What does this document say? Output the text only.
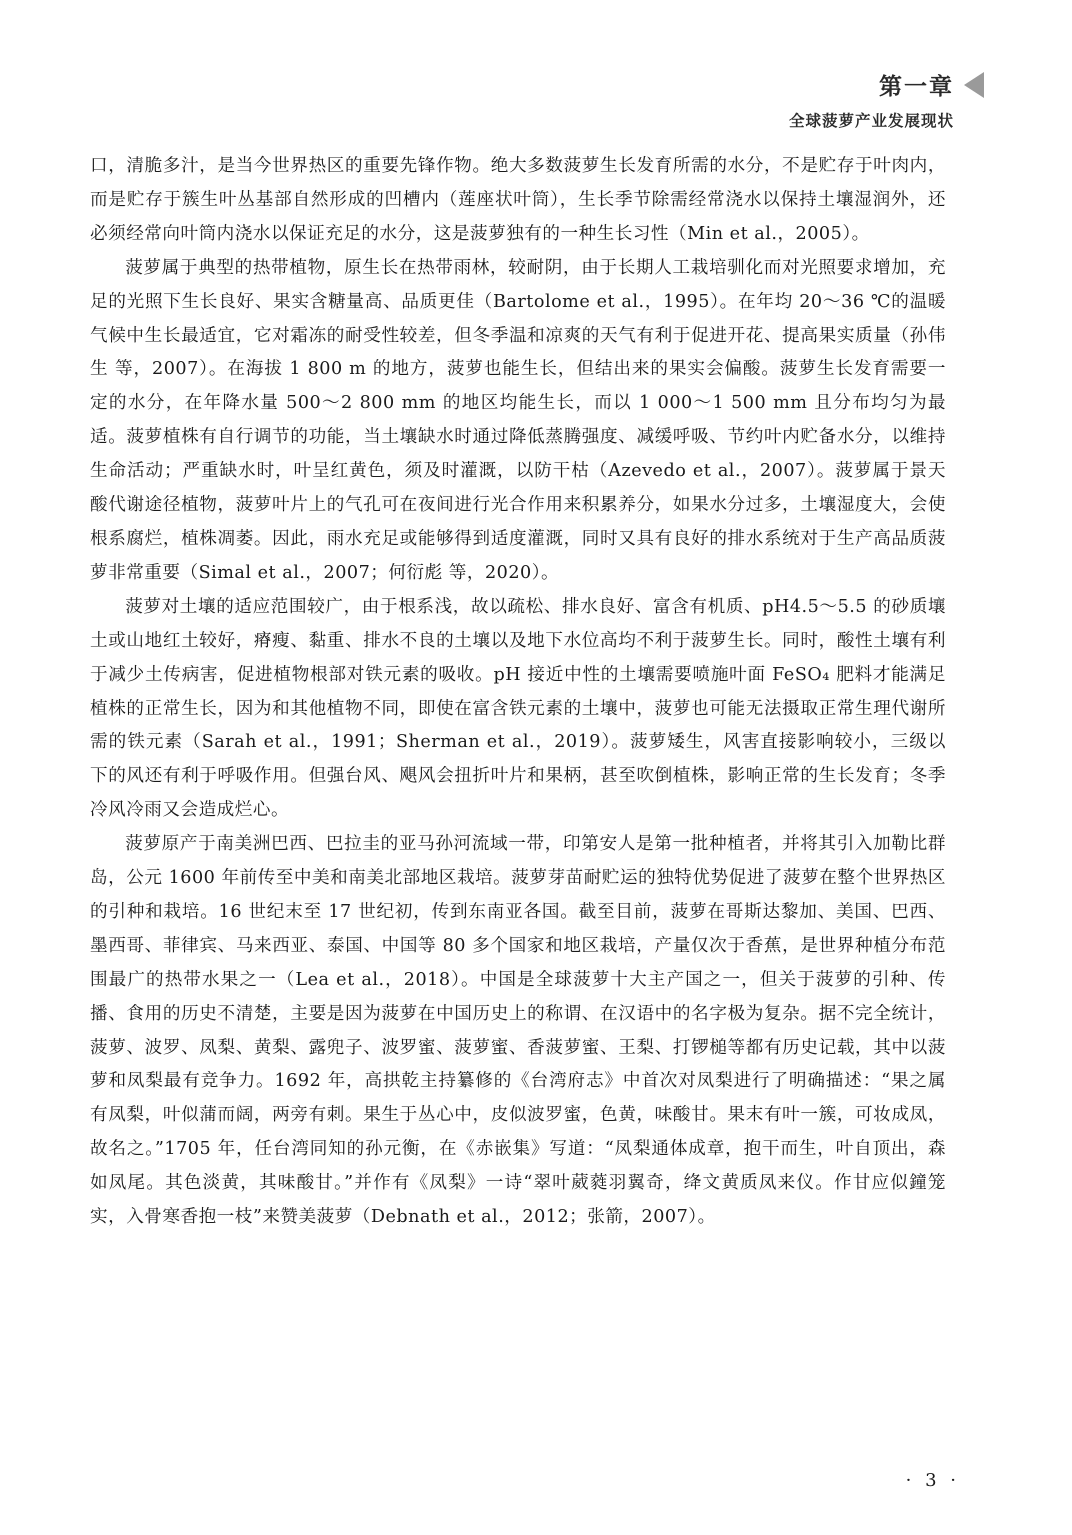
第一章
全球菠萝产业发展现状

口，清脆多汁，是当今世界热区的重要先锋作物。绝大多数菠萝生长发育所需的水分，不是贮存于叶肉内，而是贮存于簇生叶丛基部自然形成的凹槽内（莲座状叶筒），生长季节除需经常浇水以保持土壤湿润外，还必须经常向叶筒内浇水以保证充足的水分，这是菠萝独有的一种生长习性（Min et al.，2005）。

菠萝属于典型的热带植物，原生长在热带雨林，较耐阴，由于长期人工栽培驯化而对光照要求增加，充足的光照下生长良好、果实含糖量高、品质更佳（Bartolome et al.，1995）。在年均 20～36 ℃的温暖气候中生长最适宜，它对霜冻的耐受性较差，但冬季温和凉爽的天气有利于促进开花、提高果实质量（孙伟生 等，2007）。在海拔 1 800 m 的地方，菠萝也能生长，但结出来的果实会偏酸。菠萝生长发育需要一定的水分，在年降水量 500～2 800 mm 的地区均能生长，而以 1 000～1 500 mm 且分布均匀为最适。菠萝植株有自行调节的功能，当土壤缺水时通过降低蒸腾强度、减缓呼吸、节约叶内贮备水分，以维持生命活动；严重缺水时，叶呈红黄色，须及时灌溉，以防干枯（Azevedo et al.，2007）。菠萝属于景天酸代谢途径植物，菠萝叶片上的气孔可在夜间进行光合作用来积累养分，如果水分过多，土壤湿度大，会使根系腐烂，植株凋萎。因此，雨水充足或能够得到适度灌溉，同时又具有良好的排水系统对于生产高品质菠萝非常重要（Simal et al.，2007；何衍彪 等，2020）。

菠萝对土壤的适应范围较广，由于根系浅，故以疏松、排水良好、富含有机质、pH4.5～5.5 的砂质壤土或山地红土较好，瘠瘦、黏重、排水不良的土壤以及地下水位高均不利于菠萝生长。同时，酸性土壤有利于减少土传病害，促进植物根部对铁元素的吸收。pH 接近中性的土壤需要喷施叶面 FeSO₄ 肥料才能满足植株的正常生长，因为和其他植物不同，即使在富含铁元素的土壤中，菠萝也可能无法摄取正常生理代谢所需的铁元素（Sarah et al.，1991；Sherman et al.，2019）。菠萝矮生，风害直接影响较小，三级以下的风还有利于呼吸作用。但强台风、飓风会扭折叶片和果柄，甚至吹倒植株，影响正常的生长发育；冬季冷风冷雨又会造成烂心。

菠萝原产于南美洲巴西、巴拉圭的亚马孙河流域一带，印第安人是第一批种植者，并将其引入加勒比群岛，公元 1600 年前传至中美和南美北部地区栽培。菠萝芽苗耐贮运的独特优势促进了菠萝在整个世界热区的引种和栽培。16 世纪末至 17 世纪初，传到东南亚各国。截至目前，菠萝在哥斯达黎加、美国、巴西、墨西哥、菲律宾、马来西亚、泰国、中国等 80 多个国家和地区栽培，产量仅次于香蕉，是世界种植分布范围最广的热带水果之一（Lea et al.，2018）。中国是全球菠萝十大主产国之一，但关于菠萝的引种、传播、食用的历史不清楚，主要是因为菠萝在中国历史上的称谓、在汉语中的名字极为复杂。据不完全统计，菠萝、波罗、凤梨、黄梨、露兜子、波罗蜜、菠萝蜜、香菠萝蜜、王梨、打锣槌等都有历史记载，其中以菠萝和凤梨最有竞争力。1692 年，高拱乾主持纂修的《台湾府志》中首次对凤梨进行了明确描述：“果之属有凤梨，叶似蒲而阔，两旁有刺。果生于丛心中，皮似波罗蜜，色黄，味酸甘。果末有叶一簇，可妆成凤，故名之。”1705 年，任台湾同知的孙元衡，在《赤嵌集》写道：“凤梨通体成章，抱干而生，叶自顶出，森如凤尾。其色淡黄，其味酸甘。”并作有《凤梨》一诗“翠叶葳蕤羽翼奇，绛文黄质凤来仪。作甘应似鐘笼实，入骨寒香抱一枝”来赞美菠萝（Debnath et al.，2012；张箭，2007）。

· 3 ·
